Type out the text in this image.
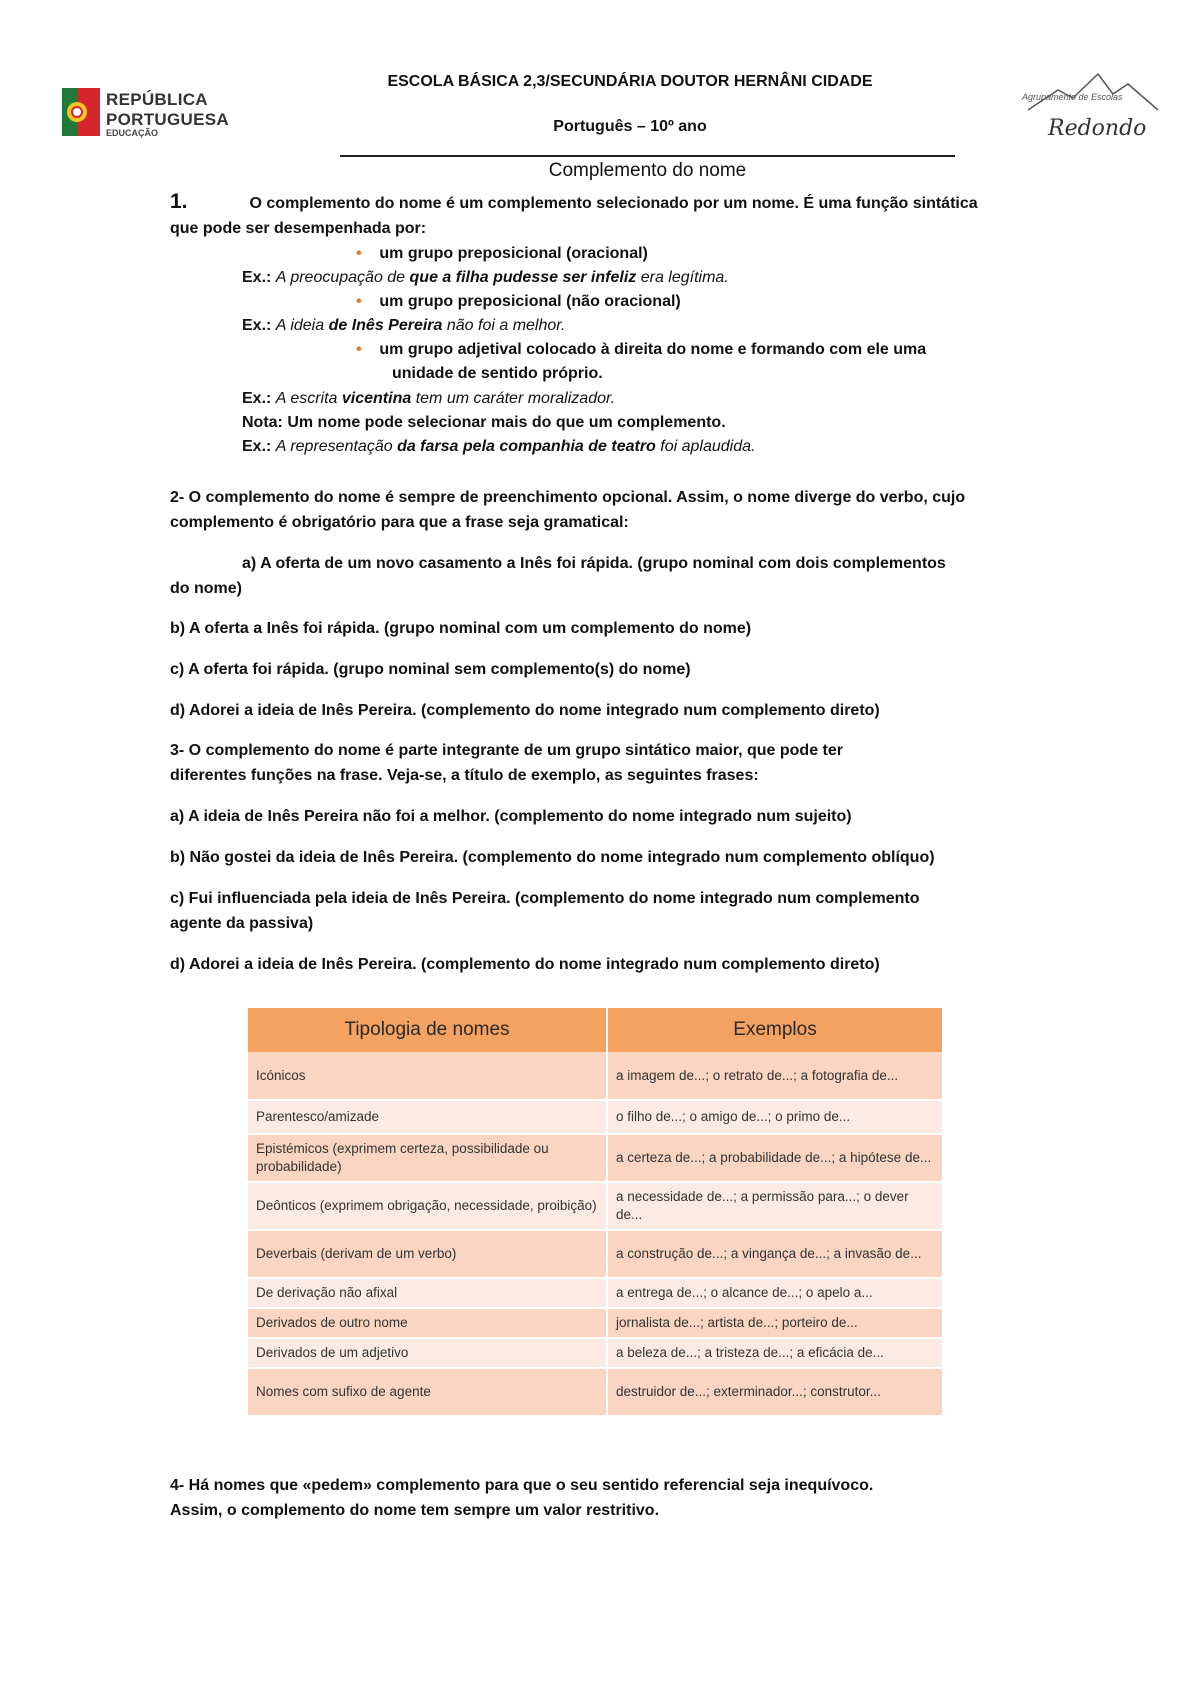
REPÚBLICA
PORTUGUESA
EDUCAÇÃO
ESCOLA BÁSICA 2,3/SECUNDÁRIA DOUTOR HERNÂNI CIDADE
Português – 10º ano
Agrupamento de Escolas
Redondo
Complemento do nome
1.	O complemento do nome é um complemento selecionado por um nome. É uma função sintática
que pode ser desempenhada por:
• um grupo preposicional (oracional)
Ex.: A preocupação de que a filha pudesse ser infeliz era legítima.
• um grupo preposicional (não oracional)
Ex.: A ideia de Inês Pereira não foi a melhor.
• um grupo adjetival colocado à direita do nome e formando com ele uma
unidade de sentido próprio.
Ex.: A escrita vicentina tem um caráter moralizador.
Nota: Um nome pode selecionar mais do que um complemento.
Ex.: A representação da farsa pela companhia de teatro foi aplaudida.
2- O complemento do nome é sempre de preenchimento opcional. Assim, o nome diverge do verbo, cujo
complemento é obrigatório para que a frase seja gramatical:
a) A oferta de um novo casamento a Inês foi rápida. (grupo nominal com dois complementos
do nome)
b) A oferta a Inês foi rápida. (grupo nominal com um complemento do nome)
c) A oferta foi rápida. (grupo nominal sem complemento(s) do nome)
d) Adorei a ideia de Inês Pereira. (complemento do nome integrado num complemento direto)
3- O complemento do nome é parte integrante de um grupo sintático maior, que pode ter
diferentes funções na frase. Veja-se, a título de exemplo, as seguintes frases:
a) A ideia de Inês Pereira não foi a melhor. (complemento do nome integrado num sujeito)
b) Não gostei da ideia de Inês Pereira. (complemento do nome integrado num complemento oblíquo)
c) Fui influenciada pela ideia de Inês Pereira. (complemento do nome integrado num complemento
agente da passiva)
d) Adorei a ideia de Inês Pereira. (complemento do nome integrado num complemento direto)
Tipologia de nomes	Exemplos
Icónicos	a imagem de...; o retrato de...; a fotografia de...
Parentesco/amizade	o filho de...; o amigo de...; o primo de...
Epistémicos (exprimem certeza, possibilidade ou probabilidade)	a certeza de...; a probabilidade de...; a hipótese de...
Deônticos (exprimem obrigação, necessidade, proibição)	a necessidade de...; a permissão para...; o dever de...
Deverbais (derivam de um verbo)	a construção de...; a vingança de...; a invasão de...
De derivação não afixal	a entrega de...; o alcance de...; o apelo a...
Derivados de outro nome	jornalista de...; artista de...; porteiro de...
Derivados de um adjetivo	a beleza de...; a tristeza de...; a eficácia de...
Nomes com sufixo de agente	destruidor de...; exterminador...; construtor...
4- Há nomes que «pedem» complemento para que o seu sentido referencial seja inequívoco.
Assim, o complemento do nome tem sempre um valor restritivo.
